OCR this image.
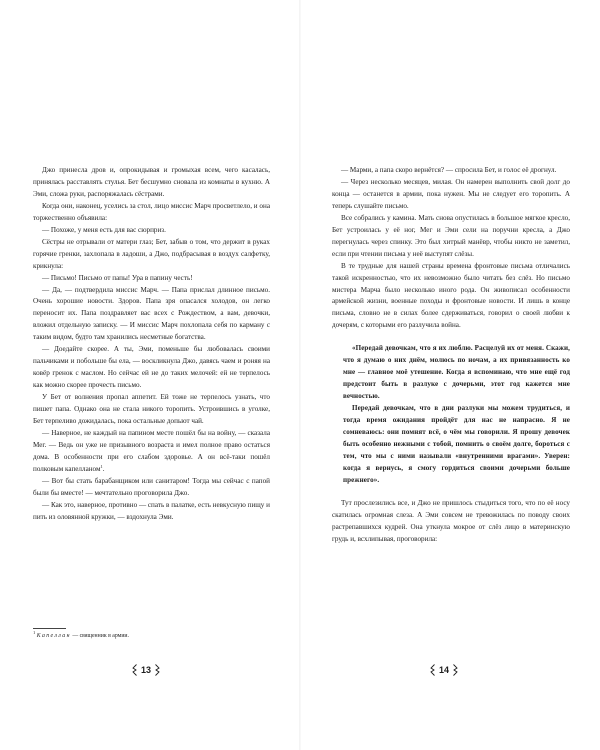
Джо принесла дров и, опрокидывая и громыхая всем, чего касалась, принялась расставлять стулья. Бет бесшумно сновала из комнаты в кухню. А Эми, сложа руки, распоряжалась сёстрами.

Когда они, наконец, уселись за стол, лицо миссис Марч просветлело, и она торжественно объявила:

— Похоже, у меня есть для вас сюрприз.

Сёстры не отрывали от матери глаз; Бет, забыв о том, что держит в руках горячие гренки, захлопала в ладоши, а Джо, подбрасывая в воздух салфетку, крикнула:

— Письмо! Письмо от папы! Ура в папину честь!

— Да, — подтвердила миссис Марч. — Папа прислал длинное письмо. Очень хорошие новости. Здоров. Папа зря опасался холодов, он легко переносит их. Папа поздравляет вас всех с Рождеством, а вам, девочки, вложил отдельную записку. — И миссис Марч похлопала себя по карману с таким видом, будто там хранились несметные богатства.

— Доедайте скорее. А ты, Эми, поменьше бы любовалась своими пальчиками и побольше бы ела, — воскликнула Джо, давясь чаем и роняя на ковёр гренок с маслом. Но сейчас ей не до таких мелочей: ей не терпелось как можно скорее прочесть письмо.

У Бет от волнения пропал аппетит. Ей тоже не терпелось узнать, что пишет папа. Однако она не стала никого торопить. Устроившись в уголке, Бет терпеливо дожидалась, пока остальные допьют чай.

— Наверное, не каждый на папином месте пошёл бы на войну, — сказала Мег. — Ведь он уже не призывного возраста и имел полное право остаться дома. В особенности при его слабом здоровье. А он всё-таки пошёл полковым капелланом$^1$.

— Вот бы стать барабанщиком или санитаром! Тогда мы сейчас с папой были бы вместе! — мечтательно проговорила Джо.

— Как это, наверное, противно — спать в палатке, есть невкусную пищу и пить из оловянной кружки, — вздохнула Эми.

$^1$ Капеллан — священник в армии.
13

— Марми, а папа скоро вернётся? — спросила Бет, и голос её дрогнул.

— Через несколько месяцев, милая. Он намерен выполнить свой долг до конца — останется в армии, пока нужен. Мы не следует его торопить. А теперь слушайте письмо.

Все собрались у камина. Мать снова опустилась в большое мягкое кресло, Бет устроилась у её ног, Мег и Эми сели на поручни кресла, а Джо перегнулась через спинку. Это был хитрый манёвр, чтобы никто не заметил, если при чтении письма у неё выступят слёзы.

В те трудные для нашей страны времена фронтовые письма отличались такой искренностью, что их невозможно было читать без слёз. Но письмо мистера Марча было несколько иного рода. Он живописал особенности армейской жизни, военные походы и фронтовые новости. И лишь в конце письма, словно не в силах более сдерживаться, говорил о своей любви к дочерям, с которыми его разлучила война.

«Передай девочкам, что я их люблю. Расцелуй их от меня. Скажи, что я думаю о них днём, молюсь по ночам, а их привязанность ко мне — главное моё утешение. Когда я вспоминаю, что мне ещё год предстоит быть в разлуке с дочерьми, этот год кажется мне вечностью.

Передай девочкам, что в дни разлуки мы можем трудиться, и тогда время ожидания пройдёт для нас не напрасно. Я не сомневаюсь: они помнят всё, о чём мы говорили. Я прошу девочек быть особенно нежными с тобой, помнить о своём долге, бороться с тем, что мы с ними называли «внутренними врагами». Уверен: когда я вернусь, я смогу гордиться своими дочерьми больше прежнего».

Тут прослезились все, и Джо не пришлось стыдиться того, что по её носу скатилась огромная слеза. А Эми совсем не тревожилась по поводу своих растрепавшихся кудрей. Она уткнула мокрое от слёз лицо в материнскую грудь и, всхлипывая, проговорила:

14
